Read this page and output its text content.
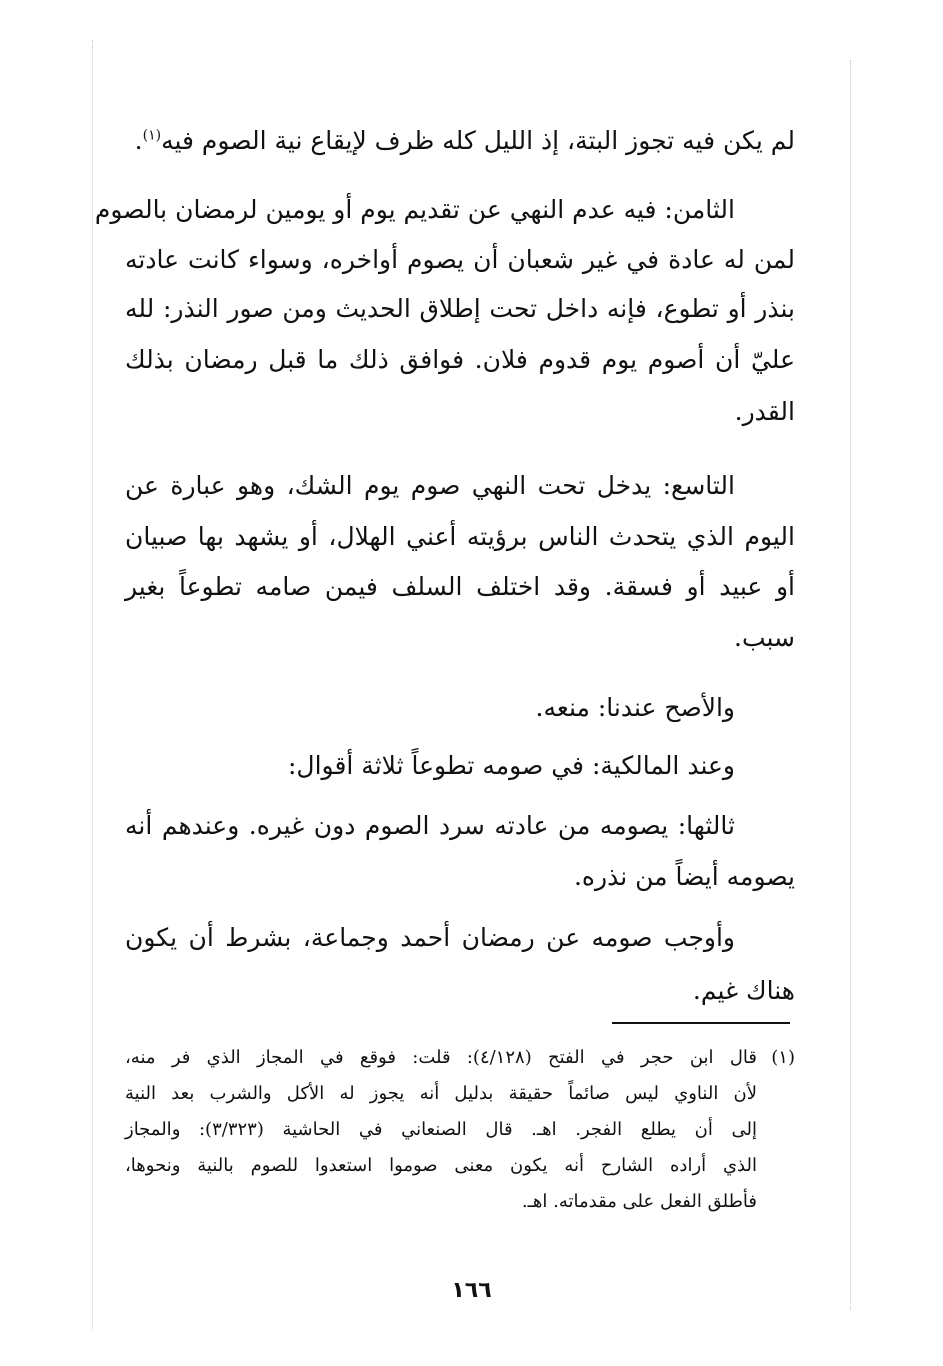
لم يكن فيه تجوز البتة، إذ الليل كله ظرف لإيقاع نية الصوم فيه$^{(١)}$.
الثامن: فيه عدم النهي عن تقديم يوم أو يومين لرمضان بالصوم
لمن له عادة في غير شعبان أن يصوم أواخره، وسواء كانت عادته
بنذر أو تطوع، فإنه داخل تحت إطلاق الحديث ومن صور النذر: لله
عليّ أن أصوم يوم قدوم فلان. فوافق ذلك ما قبل رمضان بذلك
القدر.
التاسع: يدخل تحت النهي صوم يوم الشك، وهو عبارة عن
اليوم الذي يتحدث الناس برؤيته أعني الهلال، أو يشهد بها صبيان
أو عبيد أو فسقة. وقد اختلف السلف فيمن صامه تطوعاً بغير
سبب.
والأصح عندنا: منعه.
وعند المالكية: في صومه تطوعاً ثلاثة أقوال:
ثالثها: يصومه من عادته سرد الصوم دون غيره. وعندهم أنه
يصومه أيضاً من نذره.
وأوجب صومه عن رمضان أحمد وجماعة، بشرط أن يكون
هناك غيم.
(١)قال ابن حجر في الفتح (٤/١٢٨): قلت: فوقع في المجاز الذي فر منه،
لأن الناوي ليس صائماً حقيقة بدليل أنه يجوز له الأكل والشرب بعد النية
إلى أن يطلع الفجر. اهـ. قال الصنعاني في الحاشية (٣/٣٢٣): والمجاز
الذي أراده الشارح أنه يكون معنى صوموا استعدوا للصوم بالنية ونحوها،
فأطلق الفعل على مقدماته. اهـ.
١٦٦
